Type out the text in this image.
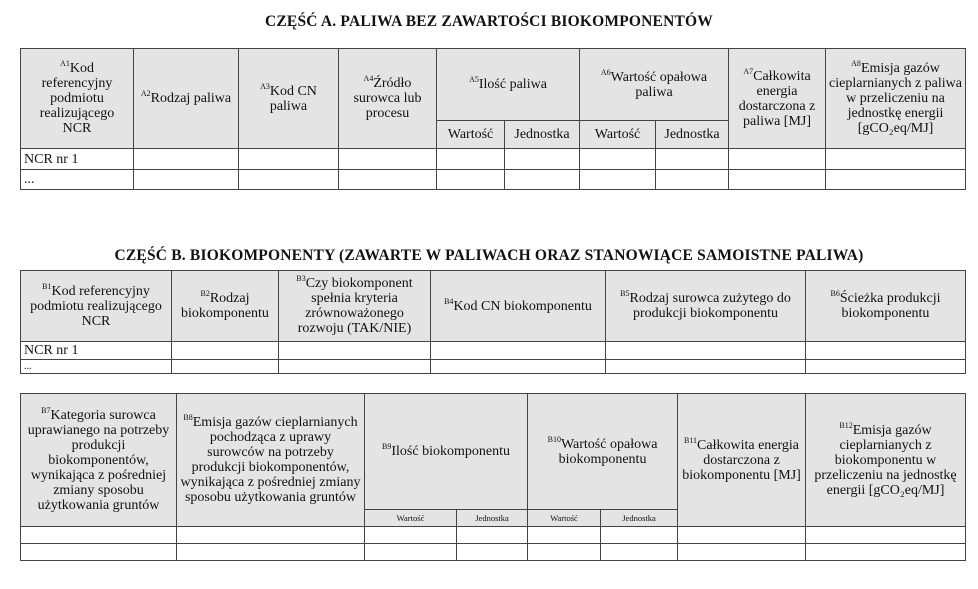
CZĘŚĆ A. PALIWA BEZ ZAWARTOŚCI BIOKOMPONENTÓW
$^{A1}$Kod referencyjny podmiotu realizującego NCR	$^{A2}$Rodzaj paliwa	$^{A3}$Kod CN paliwa	$^{A4}$Źródło surowca lub procesu	$^{A5}$Ilość paliwa		$^{A6}$Wartość opałowa paliwa		$^{A7}$Całkowita energia dostarczona z paliwa [MJ]	$^{A8}$Emisja gazów cieplarnianych z paliwa w przeliczeniu na jednostkę energii [gCO₂eq/MJ]
				Wartość	Jednostka	Wartość	Jednostka		
NCR nr 1									
...									
CZĘŚĆ B. BIOKOMPONENTY (ZAWARTE W PALIWACH ORAZ STANOWIĄCE SAMOISTNE PALIWA)
$^{B1}$Kod referencyjny podmiotu realizującego NCR	$^{B2}$Rodzaj biokomponentu	$^{B3}$Czy biokomponent spełnia kryteria zrównoważonego rozwoju (TAK/NIE)	$^{B4}$Kod CN biokomponentu	$^{B5}$Rodzaj surowca zużytego do produkcji biokomponentu	$^{B6}$Ścieżka produkcji biokomponentu
NCR nr 1					
...					
$^{B7}$Kategoria surowca uprawianego na potrzeby produkcji biokomponentów, wynikająca z pośredniej zmiany sposobu użytkowania gruntów	$^{B8}$Emisja gazów cieplarnianych pochodząca z uprawy surowców na potrzeby produkcji biokomponentów, wynikająca z pośredniej zmiany sposobu użytkowania gruntów	$^{B9}$Ilość biokomponentu		$^{B10}$Wartość opałowa biokomponentu		$^{B11}$Całkowita energia dostarczona z biokomponentu [MJ]	$^{B12}$Emisja gazów cieplarnianych z biokomponentu w przeliczeniu na jednostkę energii [gCO₂eq/MJ]
		Wartość	Jednostka	Wartość	Jednostka		
